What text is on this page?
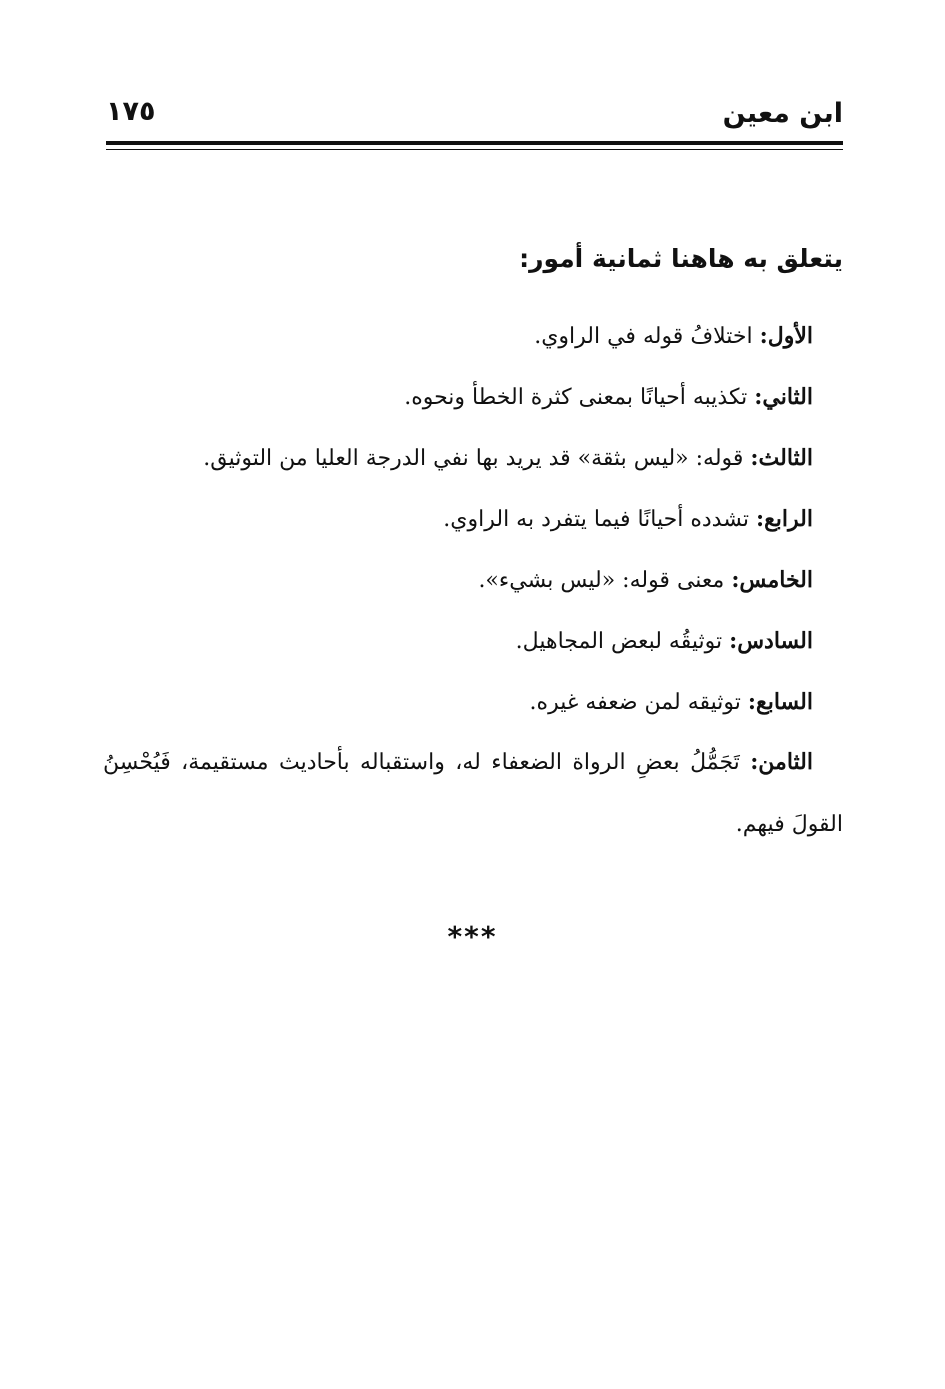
ابن معين
١٧٥
يتعلق به هاهنا ثمانية أمور:
الأول: اختلافُ قوله في الراوي.
الثاني: تكذيبه أحيانًا بمعنى كثرة الخطأ ونحوه.
الثالث: قوله: «ليس بثقة» قد يريد بها نفي الدرجة العليا من التوثيق.
الرابع: تشدده أحيانًا فيما يتفرد به الراوي.
الخامس: معنى قوله: «ليس بشيء».
السادس: توثيقُه لبعض المجاهيل.
السابع: توثيقه لمن ضعفه غيره.
الثامن: تَجَمُّلُ بعضِ الرواة الضعفاء له، واستقباله بأحاديث مستقيمة، فَيُحْسِنُ القولَ فيهم.
***
